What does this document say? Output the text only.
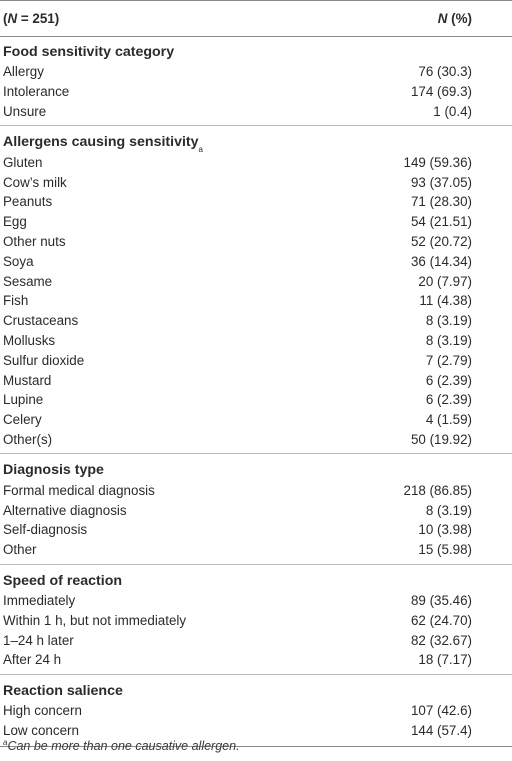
(N = 251)	N (%)
Food sensitivity category
Allergy	76 (30.3)
Intolerance	174 (69.3)
Unsure	1 (0.4)
Allergens causing sensitivity a
Gluten	149 (59.36)
Cow’s milk	93 (37.05)
Peanuts	71 (28.30)
Egg	54 (21.51)
Other nuts	52 (20.72)
Soya	36 (14.34)
Sesame	20 (7.97)
Fish	11 (4.38)
Crustaceans	8 (3.19)
Mollusks	8 (3.19)
Sulfur dioxide	7 (2.79)
Mustard	6 (2.39)
Lupine	6 (2.39)
Celery	4 (1.59)
Other(s)	50 (19.92)
Diagnosis type
Formal medical diagnosis	218 (86.85)
Alternative diagnosis	8 (3.19)
Self-diagnosis	10 (3.98)
Other	15 (5.98)
Speed of reaction
Immediately	89 (35.46)
Within 1 h, but not immediately	62 (24.70)
1–24 h later	82 (32.67)
After 24 h	18 (7.17)
Reaction salience
High concern	107 (42.6)
Low concern	144 (57.4)
$^a$Can be more than one causative allergen.
